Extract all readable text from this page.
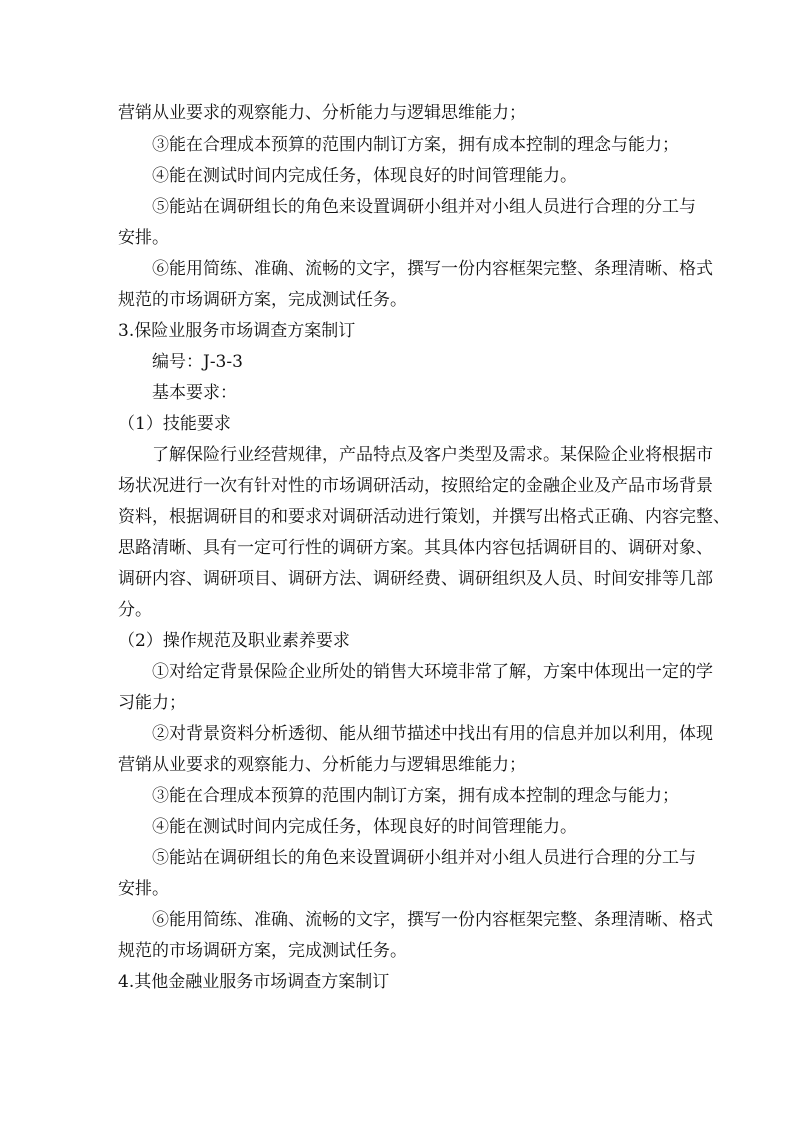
营销从业要求的观察能力、分析能力与逻辑思维能力；
③能在合理成本预算的范围内制订方案，拥有成本控制的理念与能力；
④能在测试时间内完成任务，体现良好的时间管理能力。
⑤能站在调研组长的角色来设置调研小组并对小组人员进行合理的分工与
安排。
⑥能用简练、准确、流畅的文字，撰写一份内容框架完整、条理清晰、格式
规范的市场调研方案，完成测试任务。
3.保险业服务市场调查方案制订
编号：J-3-3
基本要求：
（1）技能要求
了解保险行业经营规律，产品特点及客户类型及需求。某保险企业将根据市
场状况进行一次有针对性的市场调研活动，按照给定的金融企业及产品市场背景
资料，根据调研目的和要求对调研活动进行策划，并撰写出格式正确、内容完整、
思路清晰、具有一定可行性的调研方案。其具体内容包括调研目的、调研对象、
调研内容、调研项目、调研方法、调研经费、调研组织及人员、时间安排等几部
分。
（2）操作规范及职业素养要求
①对给定背景保险企业所处的销售大环境非常了解，方案中体现出一定的学
习能力；
②对背景资料分析透彻、能从细节描述中找出有用的信息并加以利用，体现
营销从业要求的观察能力、分析能力与逻辑思维能力；
③能在合理成本预算的范围内制订方案，拥有成本控制的理念与能力；
④能在测试时间内完成任务，体现良好的时间管理能力。
⑤能站在调研组长的角色来设置调研小组并对小组人员进行合理的分工与
安排。
⑥能用简练、准确、流畅的文字，撰写一份内容框架完整、条理清晰、格式
规范的市场调研方案，完成测试任务。
4.其他金融业服务市场调查方案制订
